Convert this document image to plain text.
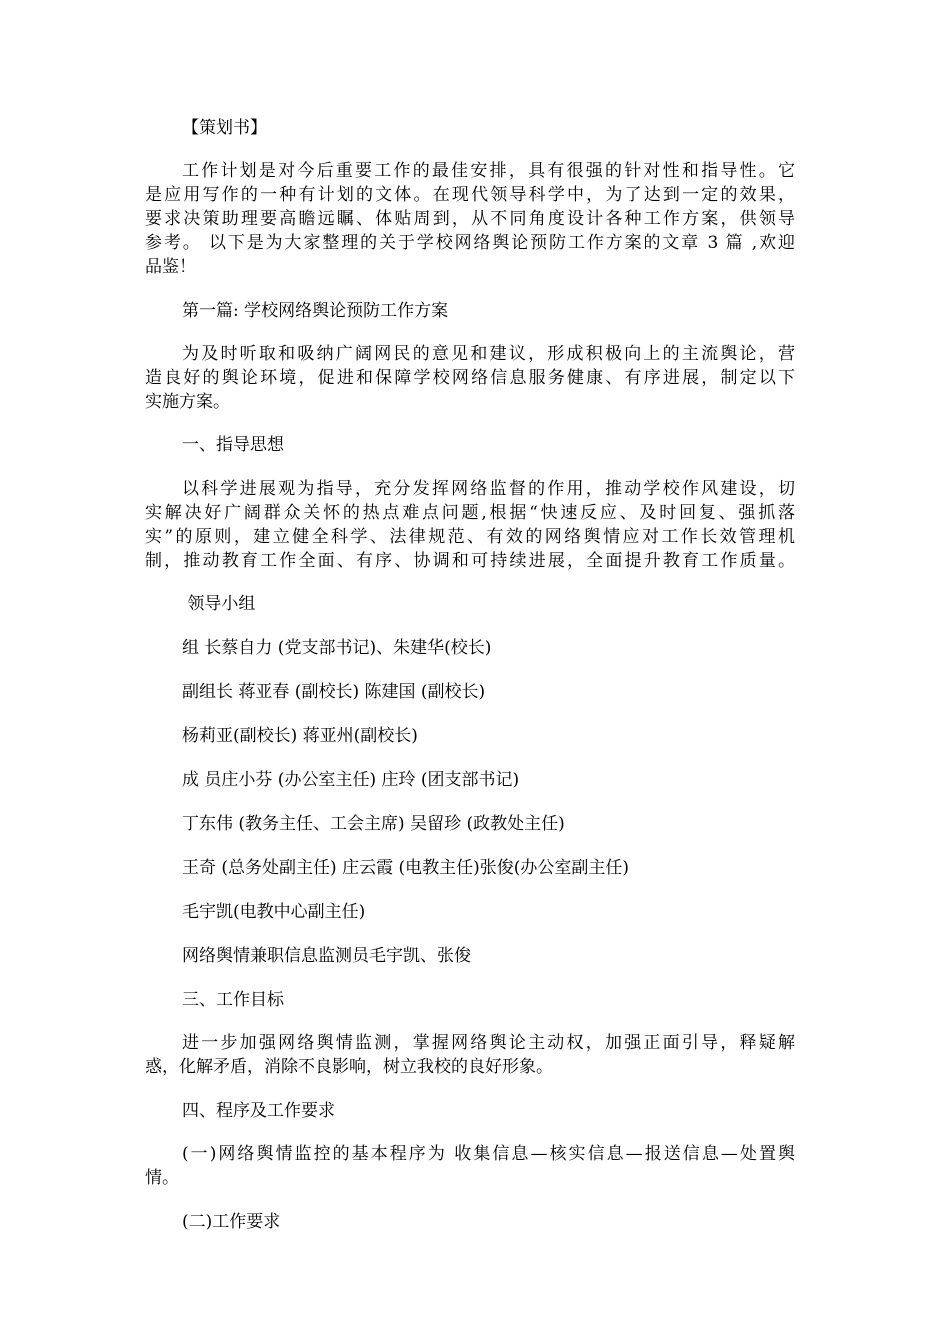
【策划书】
工作计划是对今后重要工作的最佳安排，具有很强的针对性和指导性。它
是应用写作的一种有计划的文体。在现代领导科学中，为了达到一定的效果，
要求决策助理要高瞻远瞩、体贴周到，从不同角度设计各种工作方案，供领导
参考。 以下是为大家整理的关于学校网络舆论预防工作方案的文章 3 篇 ,欢迎
品鉴！
第一篇: 学校网络舆论预防工作方案
为及时听取和吸纳广阔网民的意见和建议，形成积极向上的主流舆论，营
造良好的舆论环境，促进和保障学校网络信息服务健康、有序进展，制定以下
实施方案。
一、指导思想
以科学进展观为指导，充分发挥网络监督的作用，推动学校作风建设，切
实解决好广阔群众关怀的热点难点问题,根据“快速反应、及时回复、强抓落
实”的原则，建立健全科学、法律规范、有效的网络舆情应对工作长效管理机
制，推动教育工作全面、有序、协调和可持续进展，全面提升教育工作质量。
领导小组
组 长蔡自力 (党支部书记)、朱建华(校长)
副组长 蒋亚春 (副校长) 陈建国 (副校长)
杨莉亚(副校长) 蒋亚州(副校长)
成 员庄小芬 (办公室主任) 庄玲 (团支部书记)
丁东伟 (教务主任、工会主席) 吴留珍 (政教处主任)
王奇 (总务处副主任) 庄云霞 (电教主任)张俊(办公室副主任)
毛宇凯(电教中心副主任)
网络舆情兼职信息监测员毛宇凯、张俊
三、工作目标
进一步加强网络舆情监测，掌握网络舆论主动权，加强正面引导，释疑解
惑，化解矛盾，消除不良影响，树立我校的良好形象。
四、程序及工作要求
(一)网络舆情监控的基本程序为 收集信息—核实信息—报送信息—处置舆
情。
(二)工作要求
